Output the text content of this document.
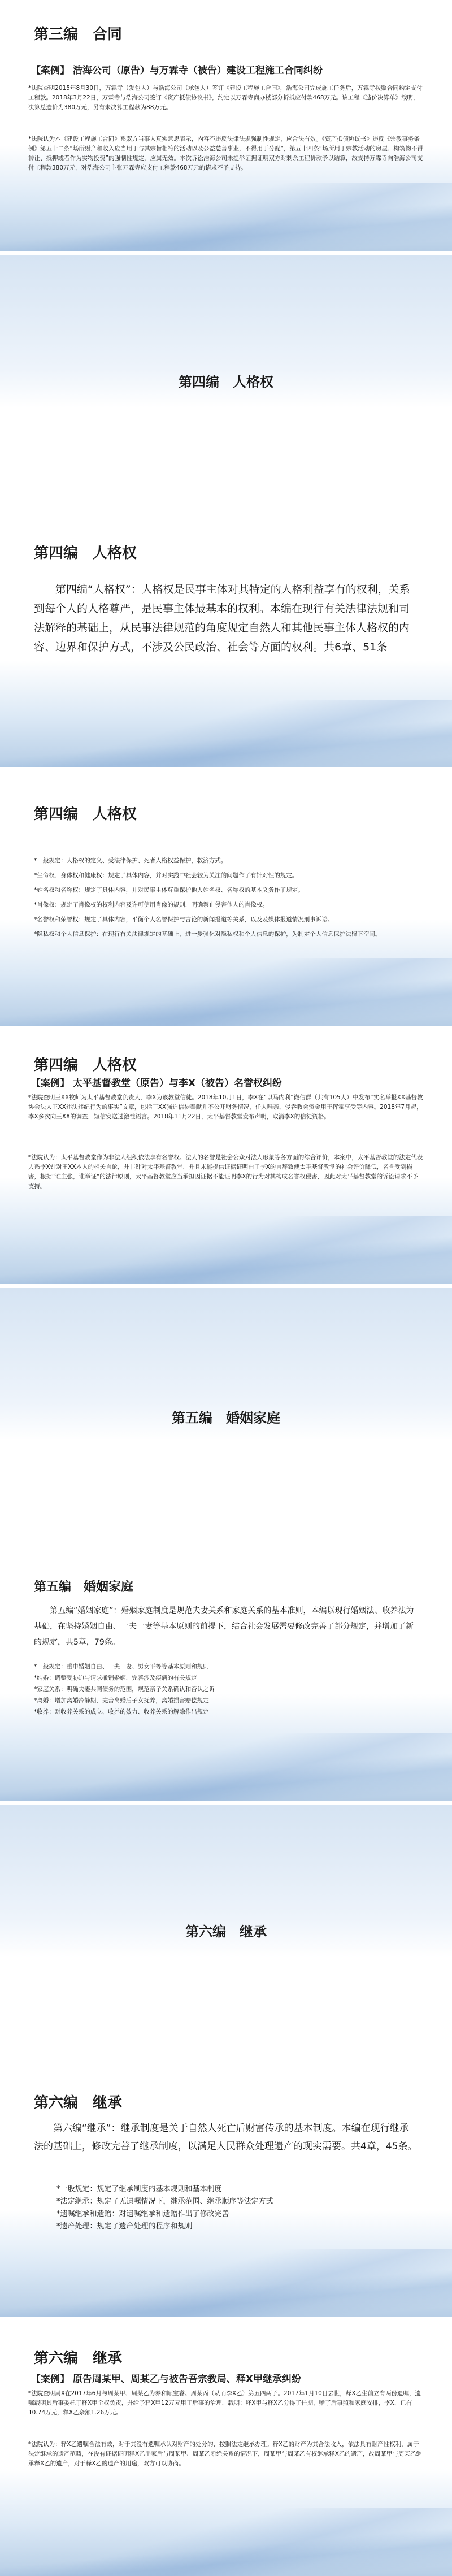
第三编　合同
【案例】 浩海公司（原告）与万霖寺（被告）建设工程施工合同纠纷
*法院查明2015年8月30日，万霖寺（发包人）与浩海公司（承包人）签订《建设工程施工合同》，浩海公司完成施工任务后，万霖寺按照合同约定支付工程款。2018年3月22日，万霖寺与浩海公司签订《资产抵债协议书》，约定以万霖寺商办楼部分折抵应付款468万元。该工程《造价决算单》载明，决算总造价为380万元，另有未决算工程款为88万元。
*法院认为本《建设工程施工合同》系双方当事人真实意思表示，内容不违反法律法规强制性规定，应合法有效。《资产抵债协议书》违反《宗教事务条例》第五十二条“场所财产和收入应当用于与其宗旨相符的活动以及公益慈善事业，不得用于分配”，第五十四条“场所用于宗教活动的房屋、构筑物不得转让、抵押或者作为实物投资”的强制性规定，应属无效。本次诉讼浩海公司未提举证据证明双方对剩余工程价款予以结算，故支持万霖寺向浩海公司支付工程款380万元，对浩海公司主张万霖寺应支付工程款468万元的请求不予支持。
第四编　人格权
第四编　人格权
第四编“人格权”：人格权是民事主体对其特定的人格利益享有的权利，关系到每个人的人格尊严，是民事主体最基本的权利。本编在现行有关法律法规和司法解释的基础上，从民事法律规范的角度规定自然人和其他民事主体人格权的内容、边界和保护方式，不涉及公民政治、社会等方面的权利。共6章、51条
第四编　人格权
*一般规定：人格权的定义、受法律保护、死者人格权益保护，救济方式。
*生命权、身体权和健康权：规定了具体内容，并对实践中社会较为关注的问题作了有针对性的规定。
*姓名权和名称权：规定了具体内容，并对民事主体尊重保护他人姓名权、名称权的基本义务作了规定。
*肖像权：规定了肖像权的权利内容及许可使用肖像的规则，明确禁止侵害他人的肖像权。
*名誉权和荣誉权：规定了具体内容，平衡个人名誉保护与言论的新闻报道等关系，以及及媒体报道情况刑事诉讼。
*隐私权和个人信息保护：在现行有关法律规定的基础上，进一步强化对隐私权和个人信息的保护，为制定个人信息保护法留下空间。
第四编　人格权
【案例】 太平基督教堂（原告）与李X（被告）名誉权纠纷
*法院查明王XX牧师为太平基督教堂负责人，李X为该教堂信徒。2018年10月1日，李X在“以马内利”微信群（共有105人）中发布“实名举报XX基督教协会法人王XX违法违纪行为的事实”文章，包括王XX强迫信徒奉献并不公开财务情况，任人唯亲、侵吞教会资金用于挥霍享受等内容。2018年7月起，李X多次向王XX的调查，短信发送过激性语言。2018年11月22日，太平基督教堂发布声明，取消李X的信徒资格。
*法院认为：太平基督教堂作为非法人组织依法享有名誉权。法人的名誉是社会公众对法人形象等各方面的综合评价，本案中，太平基督教堂的法定代表人系李X针对王XX本人的相关言论，并非针对太平基督教堂，并且未能提供证据证明由于李X的言辞致使太平基督教堂的社会评价降低，名誉受到损害，根据“谁主张，谁举证”的法律原则，太平基督教堂应当承担因证据不能证明李X的行为对其构成名誉权侵害，因此对太平基督教堂的诉讼请求不予支持。
第五编　婚姻家庭
第五编　婚姻家庭
第五编“婚姻家庭”：婚姻家庭制度是规范夫妻关系和家庭关系的基本准则，本编以现行婚姻法、收养法为基础，在坚持婚姻自由、一夫一妻等基本原则的前提下，结合社会发展需要修改完善了部分规定，并增加了新的规定，共5章，79条。
*一般规定：重申婚姻自由、一夫一妻、男女平等等基本原则和规则
*结婚：调整受胁迫与请求撤销婚姻，完善涉及疾病的有关规定
*家庭关系：明确夫妻共同债务的范围，规范亲子关系确认和否认之诉
*离婚：增加离婚冷静期，完善离婚后子女抚养，离婚损害赔偿规定
*收养：对收养关系的成立、收养的效力、收养关系的解除作出规定
第六编　继承
第六编　继承
第六编“继承”：继承制度是关于自然人死亡后财富传承的基本制度。本编在现行继承法的基础上，修改完善了继承制度，以满足人民群众处理遗产的现实需要。共4章，45条。
*一般规定：规定了继承制度的基本规则和基本制度
*法定继承：规定了无遗嘱情况下，继承范围、继承顺序等法定方式
*遗嘱继承和遗赠：对遗嘱继承和遗赠作出了修改完善
*遗产处理：规定了遗产处理的程序和规则
第六编　继承
【案例】 原告周某甲、周某乙与被告吾宗教局、释X甲继承纠纷
*法院查明周X在2017年6月与周某甲、周某乙为养和顺宝睿。周某丙（从而李X乙）第五四两子。2017年1月10日去世，释X乙生前立有两份遗嘱，遗嘱载明其后事委托于释X甲全权负责，并给予释X甲12万元用于后事的治理，载明：释X甲与释X乙分得了住期，赠了后事照和家庭安排，李X，已有10.74万元，释X乙余额1.26万元。
*法院认为：释X乙遗嘱合法有效，对于其没有遗嘱承认对财产的处分的，按照法定继承办理。释X乙的财产为其合法收入，依法具有财产性权利，属于法定继承的遗产范畴，在没有证据证明释X乙出家后与周某甲、周某乙断绝关系的情况下，周某甲与周某乙有权继承释X乙的遗产，故周某甲与周某乙继承释X乙的遗产，对于释X乙的遗产的用途，双方可以协商。
